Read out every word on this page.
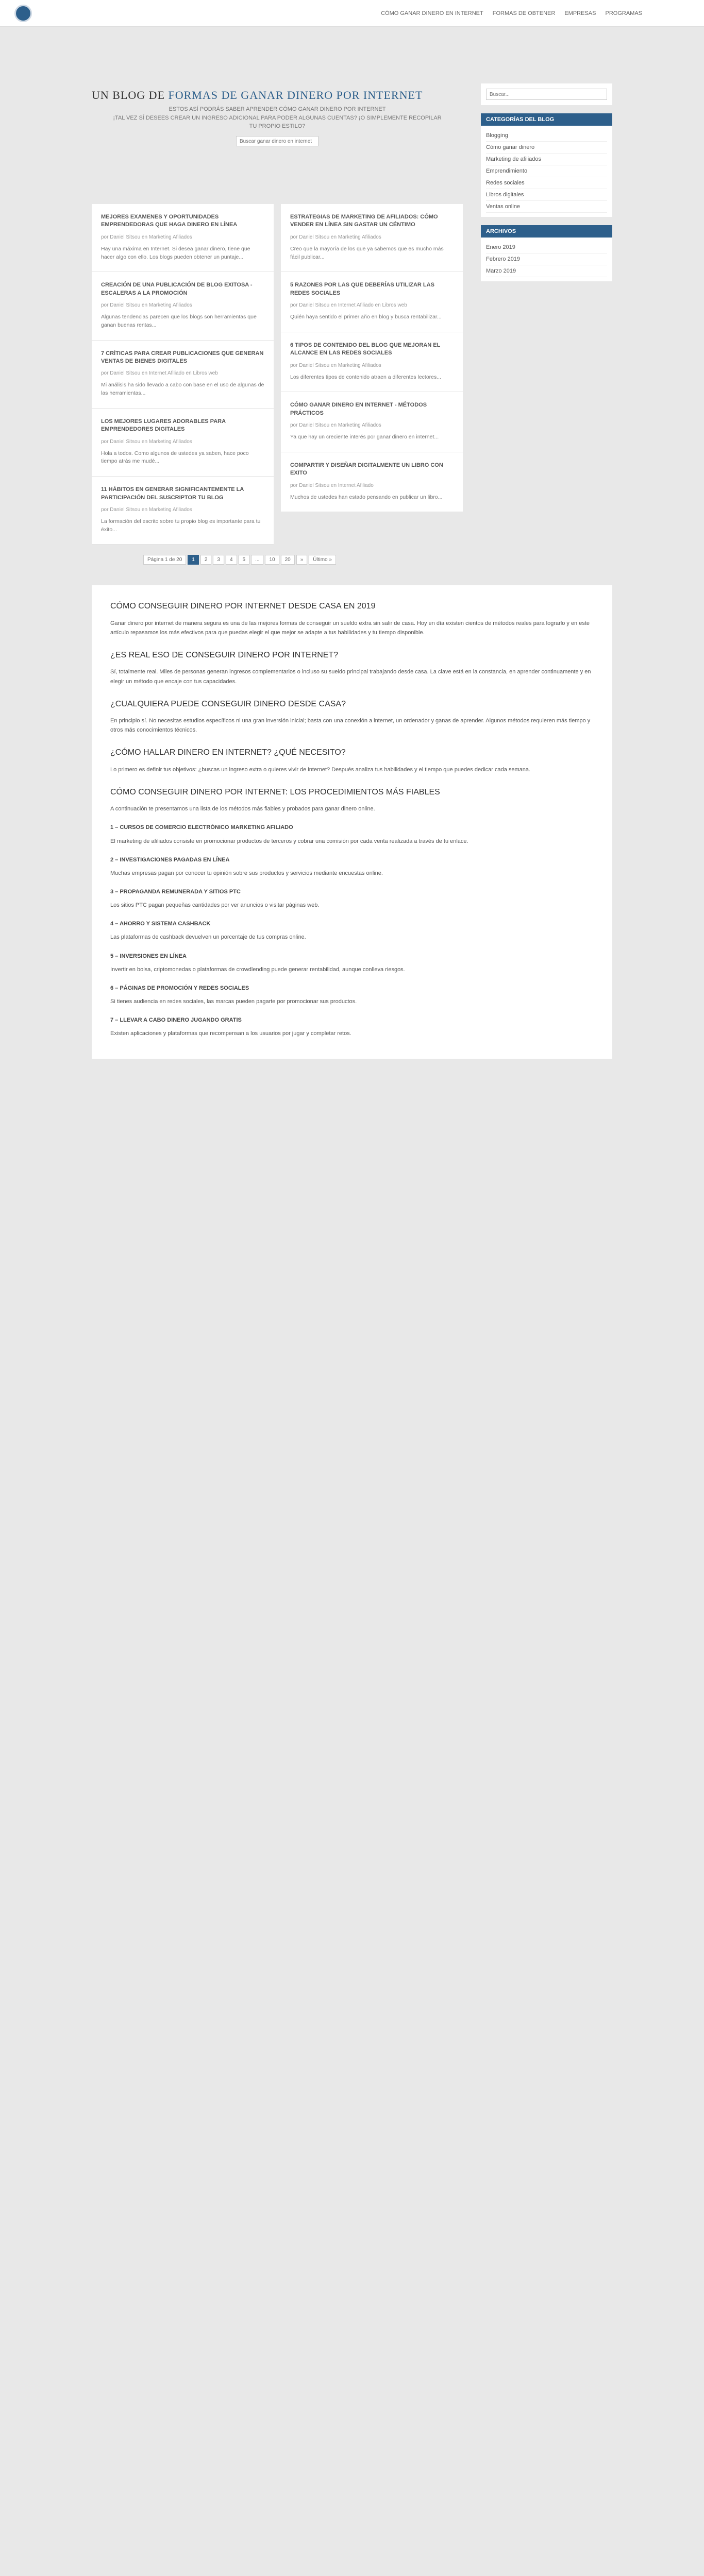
CÓMO GANAR DINERO EN INTERNET FORMAS DE OBTENER EMPRESAS PROGRAMAS
UN BLOG DE FORMAS DE GANAR DINERO POR INTERNET

ESTOS ASÍ PODRÁS SABER APRENDER CÓMO GANAR DINERO POR INTERNET
¡TAL VEZ SÍ DESEES CREAR UN INGRESO ADICIONAL PARA PODER ALGUNAS CUENTAS? ¡O SIMPLEMENTE RECOPILAR
TU PROPIO ESTILO?

Buscar ganar dinero en internet
MEJORES EXAMENES Y OPORTUNIDADES EMPRENDEDORAS QUE HAGA DINERO EN LÍNEA
por Daniel Sitsou en Marketing Afiliados
Hay una máxima en Internet. Si desea ganar dinero, tiene que hacer algo con ello. Los blogs pueden obtener un puntaje...
CREACIÓN DE UNA PUBLICACIÓN DE BLOG EXITOSA - ESCALERAS A LA PROMOCIÓN
por Daniel Sitsou en Marketing Afiliados
Algunas tendencias parecen que los blogs son herramientas que ganan buenas rentas...
7 CRÍTICAS PARA CREAR PUBLICACIONES QUE GENERAN VENTAS DE BIENES DIGITALES
por Daniel Sitsou en Internet Afiliado en Libros web
Mi análisis ha sido llevado a cabo con base en el uso de algunas de las herramientas...
LOS MEJORES LUGARES ADORABLES PARA EMPRENDEDORES DIGITALES
por Daniel Sitsou en Marketing Afiliados
Hola a todos. Como algunos de ustedes ya saben, hace poco tiempo atrás me mudé...
11 HÁBITOS EN GENERAR SIGNIFICANTEMENTE LA PARTICIPACIÓN DEL SUSCRIPTOR TU BLOG
por Daniel Sitsou en Marketing Afiliados
La formación del escrito sobre tu propio blog es importante para tu éxito...
ESTRATEGIAS DE MARKETING DE AFILIADOS: CÓMO VENDER EN LÍNEA SIN GASTAR UN CÉNTIMO
por Daniel Sitsou en Marketing Afiliados
Creo que la mayoría de los que ya sabemos que es mucho más fácil publicar...
5 RAZONES POR LAS QUE DEBERÍAS UTILIZAR LAS REDES SOCIALES
por Daniel Sitsou en Internet Afiliado en Libros web
Quién haya sentido el primer año en blog y busca rentabilizar...
6 TIPOS DE CONTENIDO DEL BLOG QUE MEJORAN EL ALCANCE EN LAS REDES SOCIALES
por Daniel Sitsou en Marketing Afiliados
Los diferentes tipos de contenido atraen a diferentes lectores...
CÓMO GANAR DINERO EN INTERNET - MÉTODOS PRÁCTICOS
por Daniel Sitsou en Marketing Afiliados
Ya que hay un creciente interés por ganar dinero en internet...
COMPARTIR Y DISEÑAR DIGITALMENTE UN LIBRO CON EXITO
por Daniel Sitsou en Internet Afiliado
Muchos de ustedes han estado pensando en publicar un libro...
Página 1 de 20	1	2	3	4	5	...	10	20	»	Último »
Buscar...
CATEGORÍAS DEL BLOG
Blogging
Cómo ganar dinero
Marketing de afiliados
Emprendimiento
Redes sociales
Libros digitales
Ventas online
ARCHIVOS
Enero 2019
Febrero 2019
Marzo 2019
CÓMO CONSEGUIR DINERO POR INTERNET DESDE CASA EN 2019

Ganar dinero por internet de manera segura es una de las mejores formas de conseguir un sueldo extra sin salir de casa. Hoy en día existen cientos de métodos reales para lograrlo y en este artículo repasamos los más efectivos para que puedas elegir el que mejor se adapte a tus habilidades y tu tiempo disponible.

¿ES REAL ESO DE CONSEGUIR DINERO POR INTERNET?

Sí, totalmente real. Miles de personas generan ingresos complementarios o incluso su sueldo principal trabajando desde casa. La clave está en la constancia, en aprender continuamente y en elegir un método que encaje con tus capacidades.

¿CUALQUIERA PUEDE CONSEGUIR DINERO DESDE CASA?

En principio sí. No necesitas estudios específicos ni una gran inversión inicial; basta con una conexión a internet, un ordenador y ganas de aprender. Algunos métodos requieren más tiempo y otros más conocimientos técnicos.

¿CÓMO HALLAR DINERO EN INTERNET? ¿QUÉ NECESITO?

Lo primero es definir tus objetivos: ¿buscas un ingreso extra o quieres vivir de internet? Después analiza tus habilidades y el tiempo que puedes dedicar cada semana.

CÓMO CONSEGUIR DINERO POR INTERNET: LOS PROCEDIMIENTOS MÁS FIABLES

A continuación te presentamos una lista de los métodos más fiables y probados para ganar dinero online.

1 – CURSOS DE COMERCIO ELECTRÓNICO MARKETING AFILIADO

El marketing de afiliados consiste en promocionar productos de terceros y cobrar una comisión por cada venta realizada a través de tu enlace.

2 – INVESTIGACIONES PAGADAS EN LÍNEA

Muchas empresas pagan por conocer tu opinión sobre sus productos y servicios mediante encuestas online.

3 – PROPAGANDA REMUNERADA Y SITIOS PTC

Los sitios PTC pagan pequeñas cantidades por ver anuncios o visitar páginas web.

4 – AHORRO Y SISTEMA CASHBACK

Las plataformas de cashback devuelven un porcentaje de tus compras online.

5 – INVERSIONES EN LÍNEA

Invertir en bolsa, criptomonedas o plataformas de crowdlending puede generar rentabilidad, aunque conlleva riesgos.

6 – PÁGINAS DE PROMOCIÓN Y REDES SOCIALES

Si tienes audiencia en redes sociales, las marcas pueden pagarte por promocionar sus productos.

7 – LLEVAR A CABO DINERO JUGANDO GRATIS

Existen aplicaciones y plataformas que recompensan a los usuarios por jugar y completar retos.
